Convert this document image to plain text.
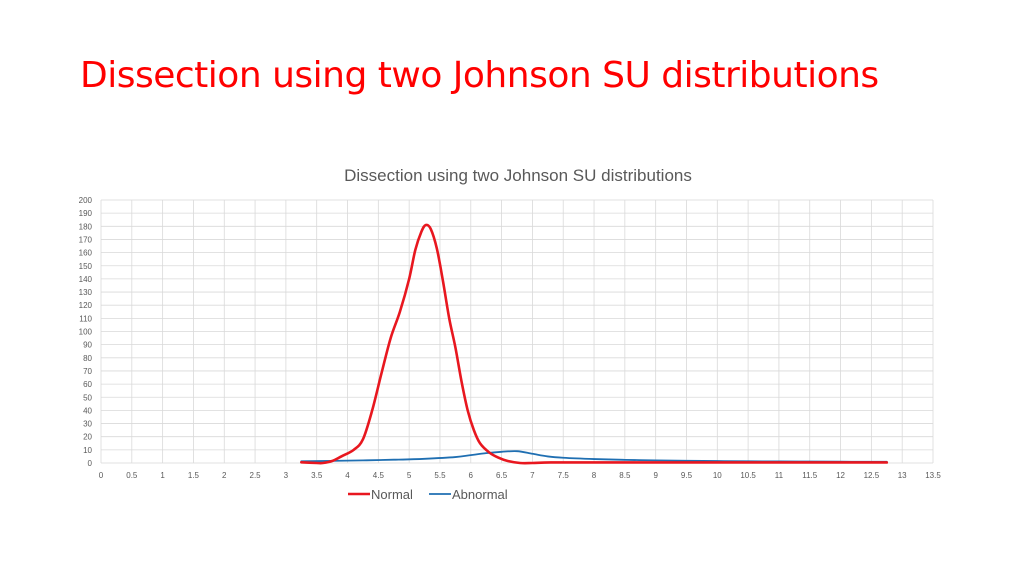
Dissection using two Johnson SU distributions
0
10
20
30
40
50
60
70
80
90
100
110
120
130
140
150
160
170
180
190
200
0	0.5	1	1.5	2	2.5	3	3.5	4	4.5	5	5.5	6	6.5	7	7.5	8	8.5	9	9.5	10 10.5 11 11.5 12 12.5 13 13.5
Normal	Abnormal
Dissection using two Johnson SU distributions
